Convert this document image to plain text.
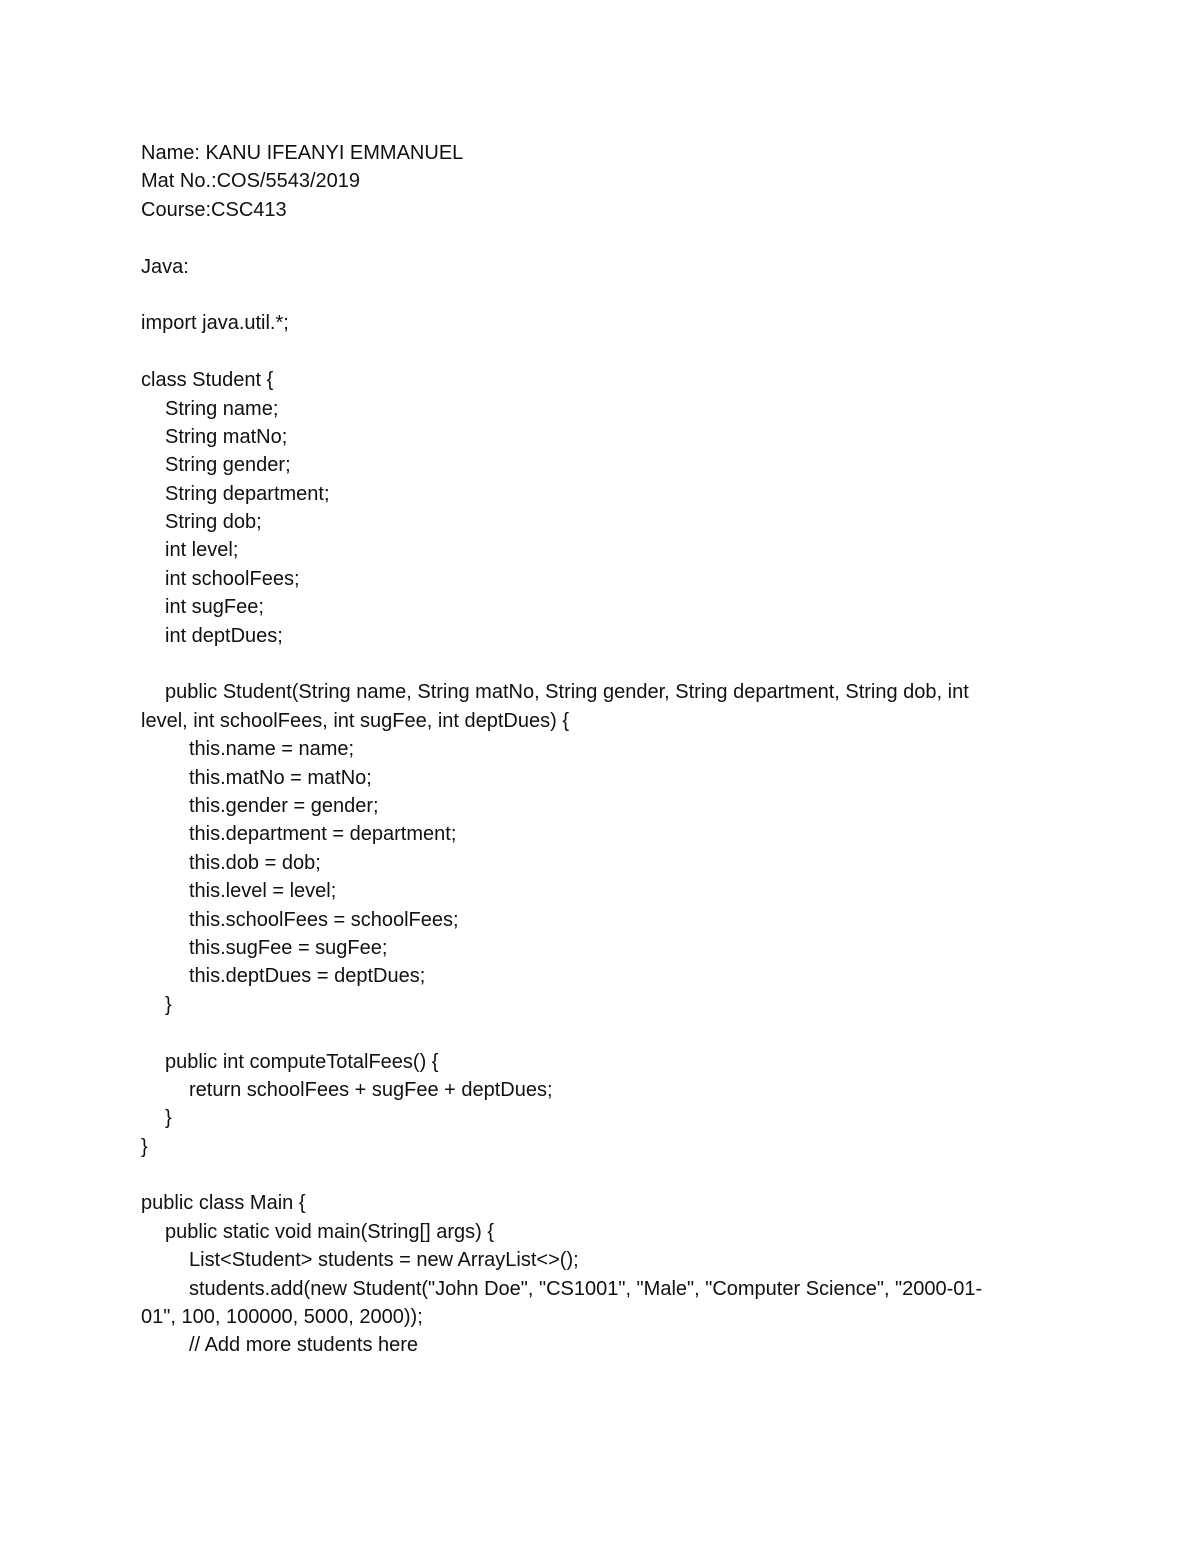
Name: KANU IFEANYI EMMANUEL
Mat No.:COS/5543/2019
Course:CSC413
Java:
import java.util.*;
class Student {
String name;
String matNo;
String gender;
String department;
String dob;
int level;
int schoolFees;
int sugFee;
int deptDues;
public Student(String name, String matNo, String gender, String department, String dob, int
level, int schoolFees, int sugFee, int deptDues) {
this.name = name;
this.matNo = matNo;
this.gender = gender;
this.department = department;
this.dob = dob;
this.level = level;
this.schoolFees = schoolFees;
this.sugFee = sugFee;
this.deptDues = deptDues;
}
public int computeTotalFees() {
return schoolFees + sugFee + deptDues;
}
}
public class Main {
public static void main(String[] args) {
List<Student> students = new ArrayList<>();
students.add(new Student("John Doe", "CS1001", "Male", "Computer Science", "2000-01-
01", 100, 100000, 5000, 2000));
// Add more students here
